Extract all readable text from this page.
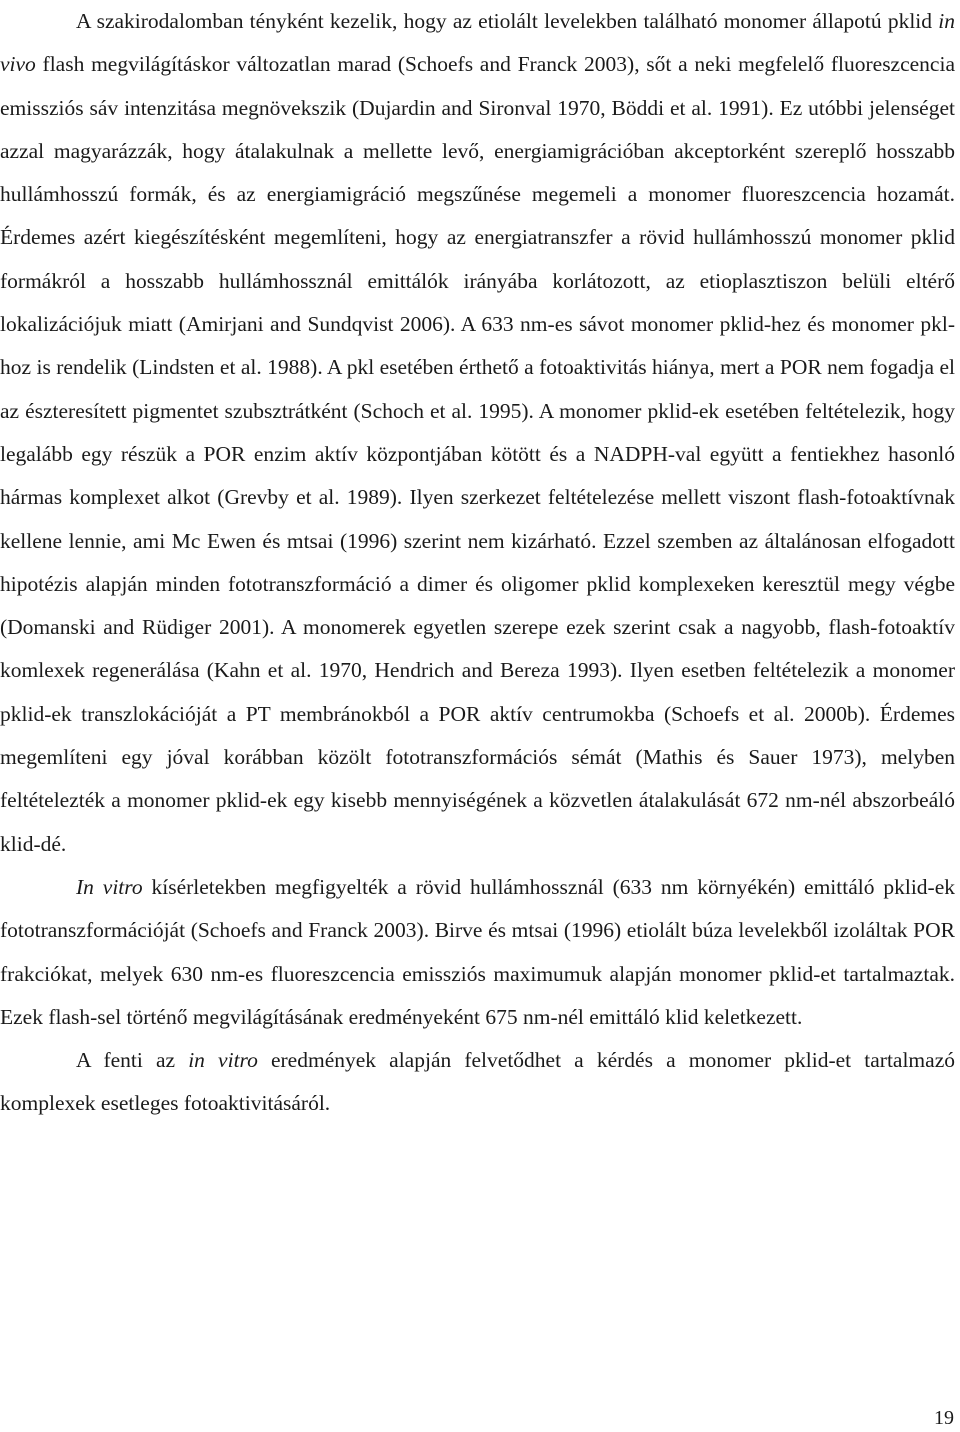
A szakirodalomban tényként kezelik, hogy az etiolált levelekben található monomer állapotú pklid in vivo flash megvilágításkor változatlan marad (Schoefs and Franck 2003), sőt a neki megfelelő fluoreszcencia emissziós sáv intenzitása megnövekszik (Dujardin and Sironval 1970, Böddi et al. 1991). Ez utóbbi jelenséget azzal magyarázzák, hogy átalakulnak a mellette levő, energiamigrációban akceptorként szereplő hosszabb hullámhosszú formák, és az energiamigráció megszűnése megemeli a monomer fluoreszcencia hozamát. Érdemes azért kiegészítésként megemlíteni, hogy az energiatranszfer a rövid hullámhosszú monomer pklid formákról a hosszabb hullámhossznál emittálók irányába korlátozott, az etioplasztiszon belüli eltérő lokalizációjuk miatt (Amirjani and Sundqvist 2006). A 633 nm-es sávot monomer pklid-hez és monomer pkl-hoz is rendelik (Lindsten et al. 1988). A pkl esetében érthető a fotoaktivitás hiánya, mert a POR nem fogadja el az észteresített pigmentet szubsztrátként (Schoch et al. 1995). A monomer pklid-ek esetében feltételezik, hogy legalább egy részük a POR enzim aktív központjában kötött és a NADPH-val együtt a fentiekhez hasonló hármas komplexet alkot (Grevby et al. 1989). Ilyen szerkezet feltételezése mellett viszont flash-fotoaktívnak kellene lennie, ami Mc Ewen és mtsai (1996) szerint nem kizárható. Ezzel szemben az általánosan elfogadott hipotézis alapján minden fototranszformáció a dimer és oligomer pklid komplexeken keresztül megy végbe (Domanski and Rüdiger 2001). A monomerek egyetlen szerepe ezek szerint csak a nagyobb, flash-fotoaktív komlexek regenerálása (Kahn et al. 1970, Hendrich and Bereza 1993). Ilyen esetben feltételezik a monomer pklid-ek transzlokációját a PT membránokból a POR aktív centrumokba (Schoefs et al. 2000b). Érdemes megemlíteni egy jóval korábban közölt fototranszformációs sémát (Mathis és Sauer 1973), melyben feltételezték a monomer pklid-ek egy kisebb mennyiségének a közvetlen átalakulását 672 nm-nél abszorbeáló klid-dé.

In vitro kísérletekben megfigyelték a rövid hullámhossznál (633 nm környékén) emittáló pklid-ek fototranszformációját (Schoefs and Franck 2003). Birve és mtsai (1996) etiolált búza levelekből izoláltak POR frakciókat, melyek 630 nm-es fluoreszcencia emissziós maximumuk alapján monomer pklid-et tartalmaztak. Ezek flash-sel történő megvilágításának eredményeként 675 nm-nél emittáló klid keletkezett.

A fenti az in vitro eredmények alapján felvetődhet a kérdés a monomer pklid-et tartalmazó komplexek esetleges fotoaktivitásáról.

19
